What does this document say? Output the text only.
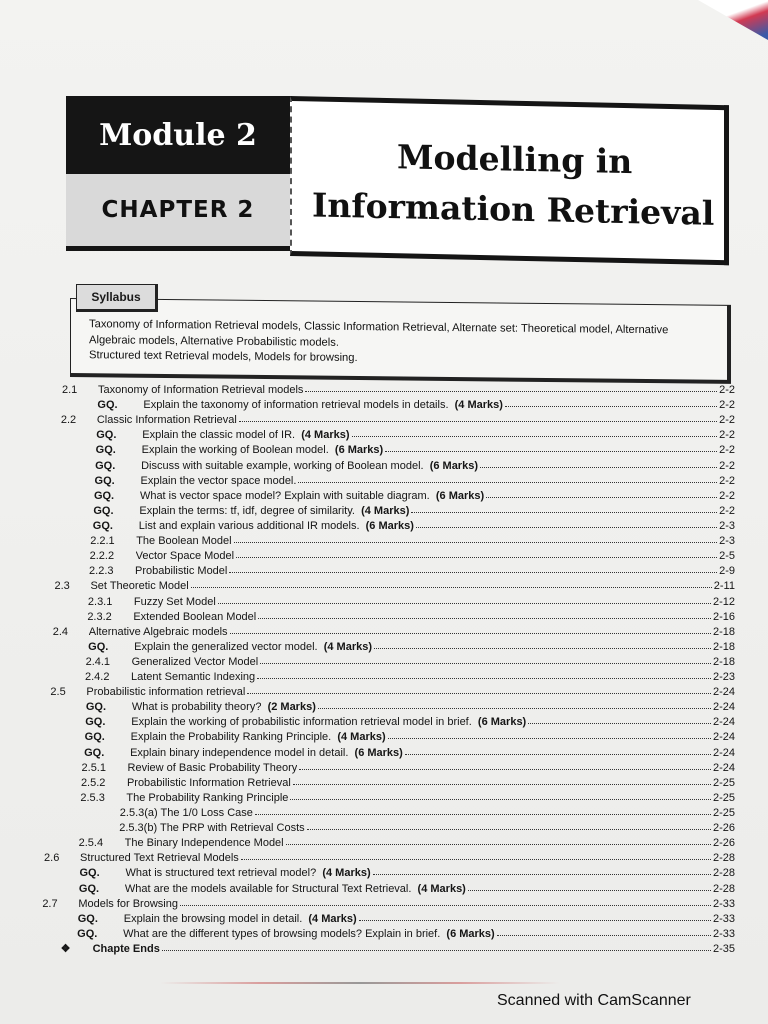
Module 2
CHAPTER 2
Modelling in
Information Retrieval
Taxonomy of Information Retrieval models, Classic Information Retrieval, Alternate set: Theoretical model, Alternative
Algebraic models, Alternative Probabilistic models.
Structured text Retrieval models, Models for browsing.
Syllabus
2.1 Taxonomy of Information Retrieval models	2-2
GQ. Explain the taxonomy of information retrieval models in details. (4 Marks)	2-2
2.2 Classic Information Retrieval	2-2
GQ. Explain the classic model of IR. (4 Marks)	2-2
GQ. Explain the working of Boolean model. (6 Marks)	2-2
GQ. Discuss with suitable example, working of Boolean model. (6 Marks)	2-2
GQ. Explain the vector space model.	2-2
GQ. What is vector space model? Explain with suitable diagram. (6 Marks)	2-2
GQ. Explain the terms: tf, idf, degree of similarity. (4 Marks)	2-2
GQ. List and explain various additional IR models. (6 Marks)	2-3
2.2.1 The Boolean Model	2-3
2.2.2 Vector Space Model	2-5
2.2.3 Probabilistic Model	2-9
2.3 Set Theoretic Model	2-11
2.3.1 Fuzzy Set Model	2-12
2.3.2 Extended Boolean Model	2-16
2.4 Alternative Algebraic models	2-18
GQ. Explain the generalized vector model. (4 Marks)	2-18
2.4.1 Generalized Vector Model	2-18
2.4.2 Latent Semantic Indexing	2-23
2.5 Probabilistic information retrieval	2-24
GQ. What is probability theory? (2 Marks)	2-24
GQ. Explain the working of probabilistic information retrieval model in brief. (6 Marks)	2-24
GQ. Explain the Probability Ranking Principle. (4 Marks)	2-24
GQ. Explain binary independence model in detail. (6 Marks)	2-24
2.5.1 Review of Basic Probability Theory	2-24
2.5.2 Probabilistic Information Retrieval	2-25
2.5.3 The Probability Ranking Principle	2-25
2.5.3(a) The 1/0 Loss Case	2-25
2.5.3(b) The PRP with Retrieval Costs	2-26
2.5.4 The Binary Independence Model	2-26
2.6 Structured Text Retrieval Models	2-28
GQ. What is structured text retrieval model? (4 Marks)	2-28
GQ. What are the models available for Structural Text Retrieval. (4 Marks)	2-28
2.7 Models for Browsing	2-33
GQ. Explain the browsing model in detail. (4 Marks)	2-33
GQ. What are the different types of browsing models? Explain in brief. (6 Marks)	2-33
❖ Chapte Ends	2-35
Scanned with CamScanner
